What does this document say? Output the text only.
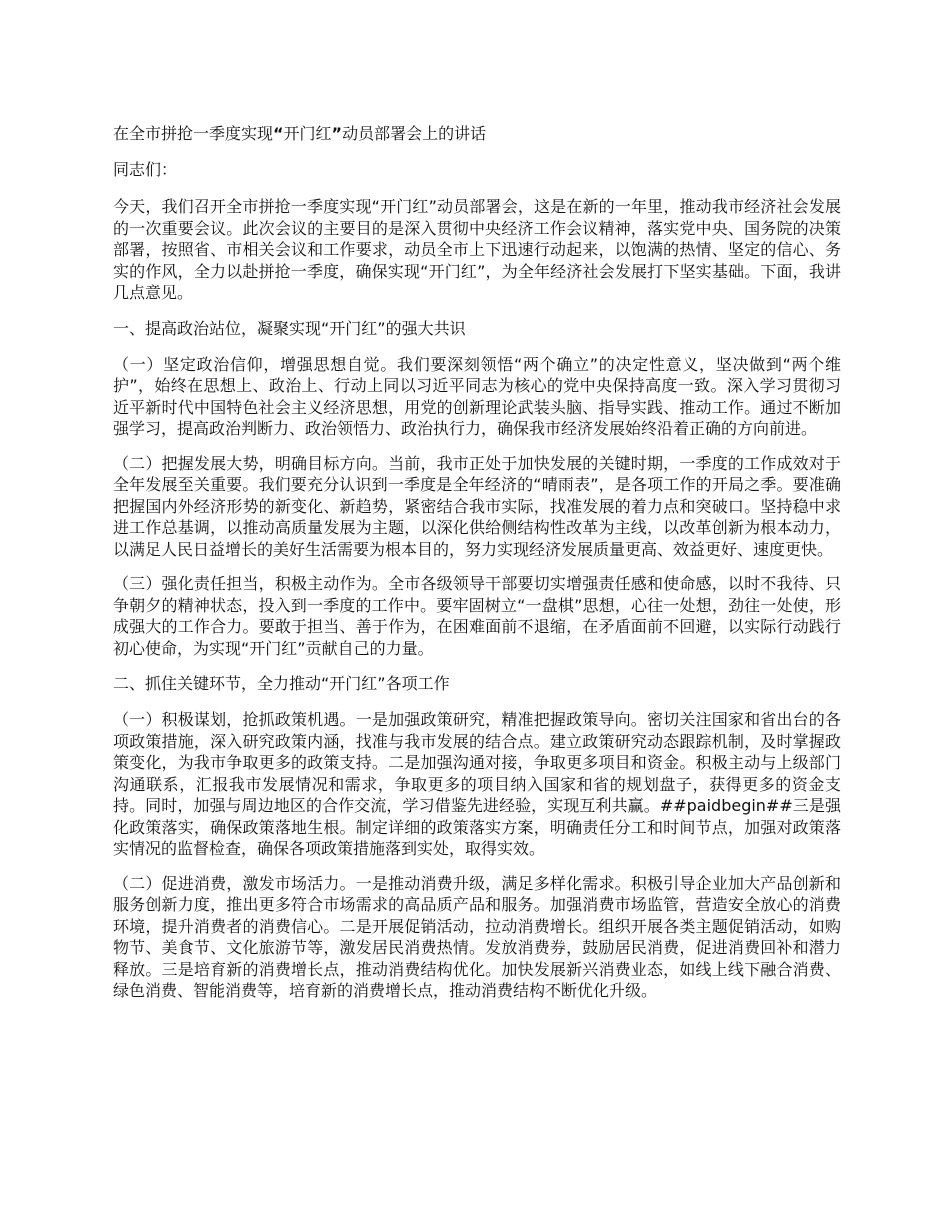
在全市拼抢一季度实现“开门红”动员部署会上的讲话
同志们：

今天，我们召开全市拼抢一季度实现“开门红”动员部署会，这是在新的一年里，推动我市经济社会发展的一次重要会议。此次会议的主要目的是深入贯彻中央经济工作会议精神，落实党中央、国务院的决策部署，按照省、市相关会议和工作要求，动员全市上下迅速行动起来，以饱满的热情、坚定的信心、务实的作风，全力以赴拼抢一季度，确保实现“开门红”，为全年经济社会发展打下坚实基础。下面，我讲几点意见。

一、提高政治站位，凝聚实现“开门红”的强大共识

（一）坚定政治信仰，增强思想自觉。我们要深刻领悟“两个确立”的决定性意义，坚决做到“两个维护”，始终在思想上、政治上、行动上同以习近平同志为核心的党中央保持高度一致。深入学习贯彻习近平新时代中国特色社会主义经济思想，用党的创新理论武装头脑、指导实践、推动工作。通过不断加强学习，提高政治判断力、政治领悟力、政治执行力，确保我市经济发展始终沿着正确的方向前进。

（二）把握发展大势，明确目标方向。当前，我市正处于加快发展的关键时期，一季度的工作成效对于全年发展至关重要。我们要充分认识到一季度是全年经济的“晴雨表”，是各项工作的开局之季。要准确把握国内外经济形势的新变化、新趋势，紧密结合我市实际，找准发展的着力点和突破口。坚持稳中求进工作总基调，以推动高质量发展为主题，以深化供给侧结构性改革为主线，以改革创新为根本动力，以满足人民日益增长的美好生活需要为根本目的，努力实现经济发展质量更高、效益更好、速度更快。

（三）强化责任担当，积极主动作为。全市各级领导干部要切实增强责任感和使命感，以时不我待、只争朝夕的精神状态，投入到一季度的工作中。要牢固树立“一盘棋”思想，心往一处想，劲往一处使，形成强大的工作合力。要敢于担当、善于作为，在困难面前不退缩，在矛盾面前不回避，以实际行动践行初心使命，为实现“开门红”贡献自己的力量。

二、抓住关键环节，全力推动“开门红”各项工作

（一）积极谋划，抢抓政策机遇。一是加强政策研究，精准把握政策导向。密切关注国家和省出台的各项政策措施，深入研究政策内涵，找准与我市发展的结合点。建立政策研究动态跟踪机制，及时掌握政策变化，为我市争取更多的政策支持。二是加强沟通对接，争取更多项目和资金。积极主动与上级部门沟通联系，汇报我市发展情况和需求，争取更多的项目纳入国家和省的规划盘子，获得更多的资金支持。同时，加强与周边地区的合作交流，学习借鉴先进经验，实现互利共赢。##paidbegin##三是强化政策落实，确保政策落地生根。制定详细的政策落实方案，明确责任分工和时间节点，加强对政策落实情况的监督检查，确保各项政策措施落到实处，取得实效。

（二）促进消费，激发市场活力。一是推动消费升级，满足多样化需求。积极引导企业加大产品创新和服务创新力度，推出更多符合市场需求的高品质产品和服务。加强消费市场监管，营造安全放心的消费环境，提升消费者的消费信心。二是开展促销活动，拉动消费增长。组织开展各类主题促销活动，如购物节、美食节、文化旅游节等，激发居民消费热情。发放消费券，鼓励居民消费，促进消费回补和潜力释放。三是培育新的消费增长点，推动消费结构优化。加快发展新兴消费业态，如线上线下融合消费、绿色消费、智能消费等，培育新的消费增长点，推动消费结构不断优化升级。
